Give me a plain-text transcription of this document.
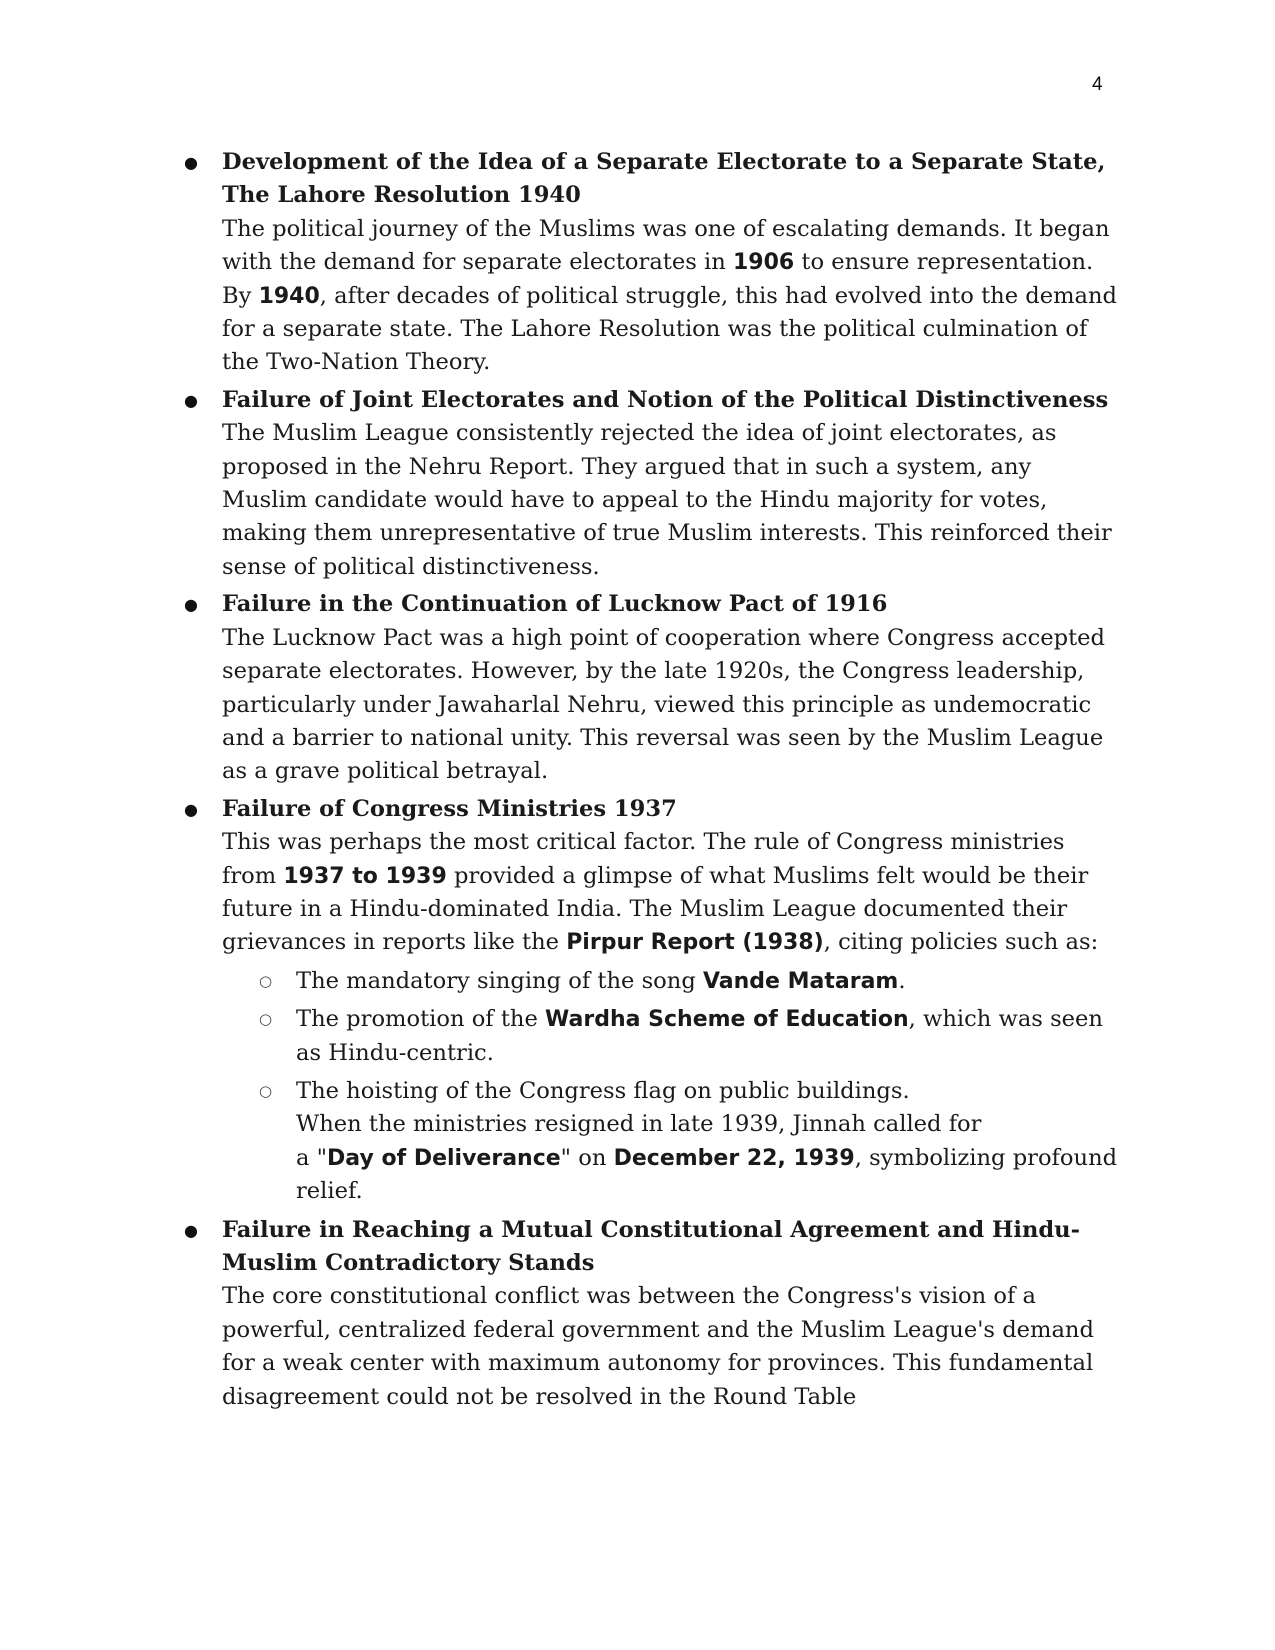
4
● Development of the Idea of a Separate Electorate to a Separate State, The Lahore Resolution 1940
The political journey of the Muslims was one of escalating demands. It began with the demand for separate electorates in 1906 to ensure representation. By 1940, after decades of political struggle, this had evolved into the demand for a separate state. The Lahore Resolution was the political culmination of the Two-Nation Theory.
● Failure of Joint Electorates and Notion of the Political Distinctiveness
The Muslim League consistently rejected the idea of joint electorates, as proposed in the Nehru Report. They argued that in such a system, any Muslim candidate would have to appeal to the Hindu majority for votes, making them unrepresentative of true Muslim interests. This reinforced their sense of political distinctiveness.
● Failure in the Continuation of Lucknow Pact of 1916
The Lucknow Pact was a high point of cooperation where Congress accepted separate electorates. However, by the late 1920s, the Congress leadership, particularly under Jawaharlal Nehru, viewed this principle as undemocratic and a barrier to national unity. This reversal was seen by the Muslim League as a grave political betrayal.
● Failure of Congress Ministries 1937
This was perhaps the most critical factor. The rule of Congress ministries from 1937 to 1939 provided a glimpse of what Muslims felt would be their future in a Hindu-dominated India. The Muslim League documented their grievances in reports like the Pirpur Report (1938), citing policies such as:
○ The mandatory singing of the song Vande Mataram.
○ The promotion of the Wardha Scheme of Education, which was seen as Hindu-centric.
○ The hoisting of the Congress flag on public buildings.
When the ministries resigned in late 1939, Jinnah called for
a "Day of Deliverance" on December 22, 1939, symbolizing profound relief.
● Failure in Reaching a Mutual Constitutional Agreement and Hindu-Muslim Contradictory Stands
The core constitutional conflict was between the Congress's vision of a powerful, centralized federal government and the Muslim League's demand for a weak center with maximum autonomy for provinces. This fundamental disagreement could not be resolved in the Round Table
